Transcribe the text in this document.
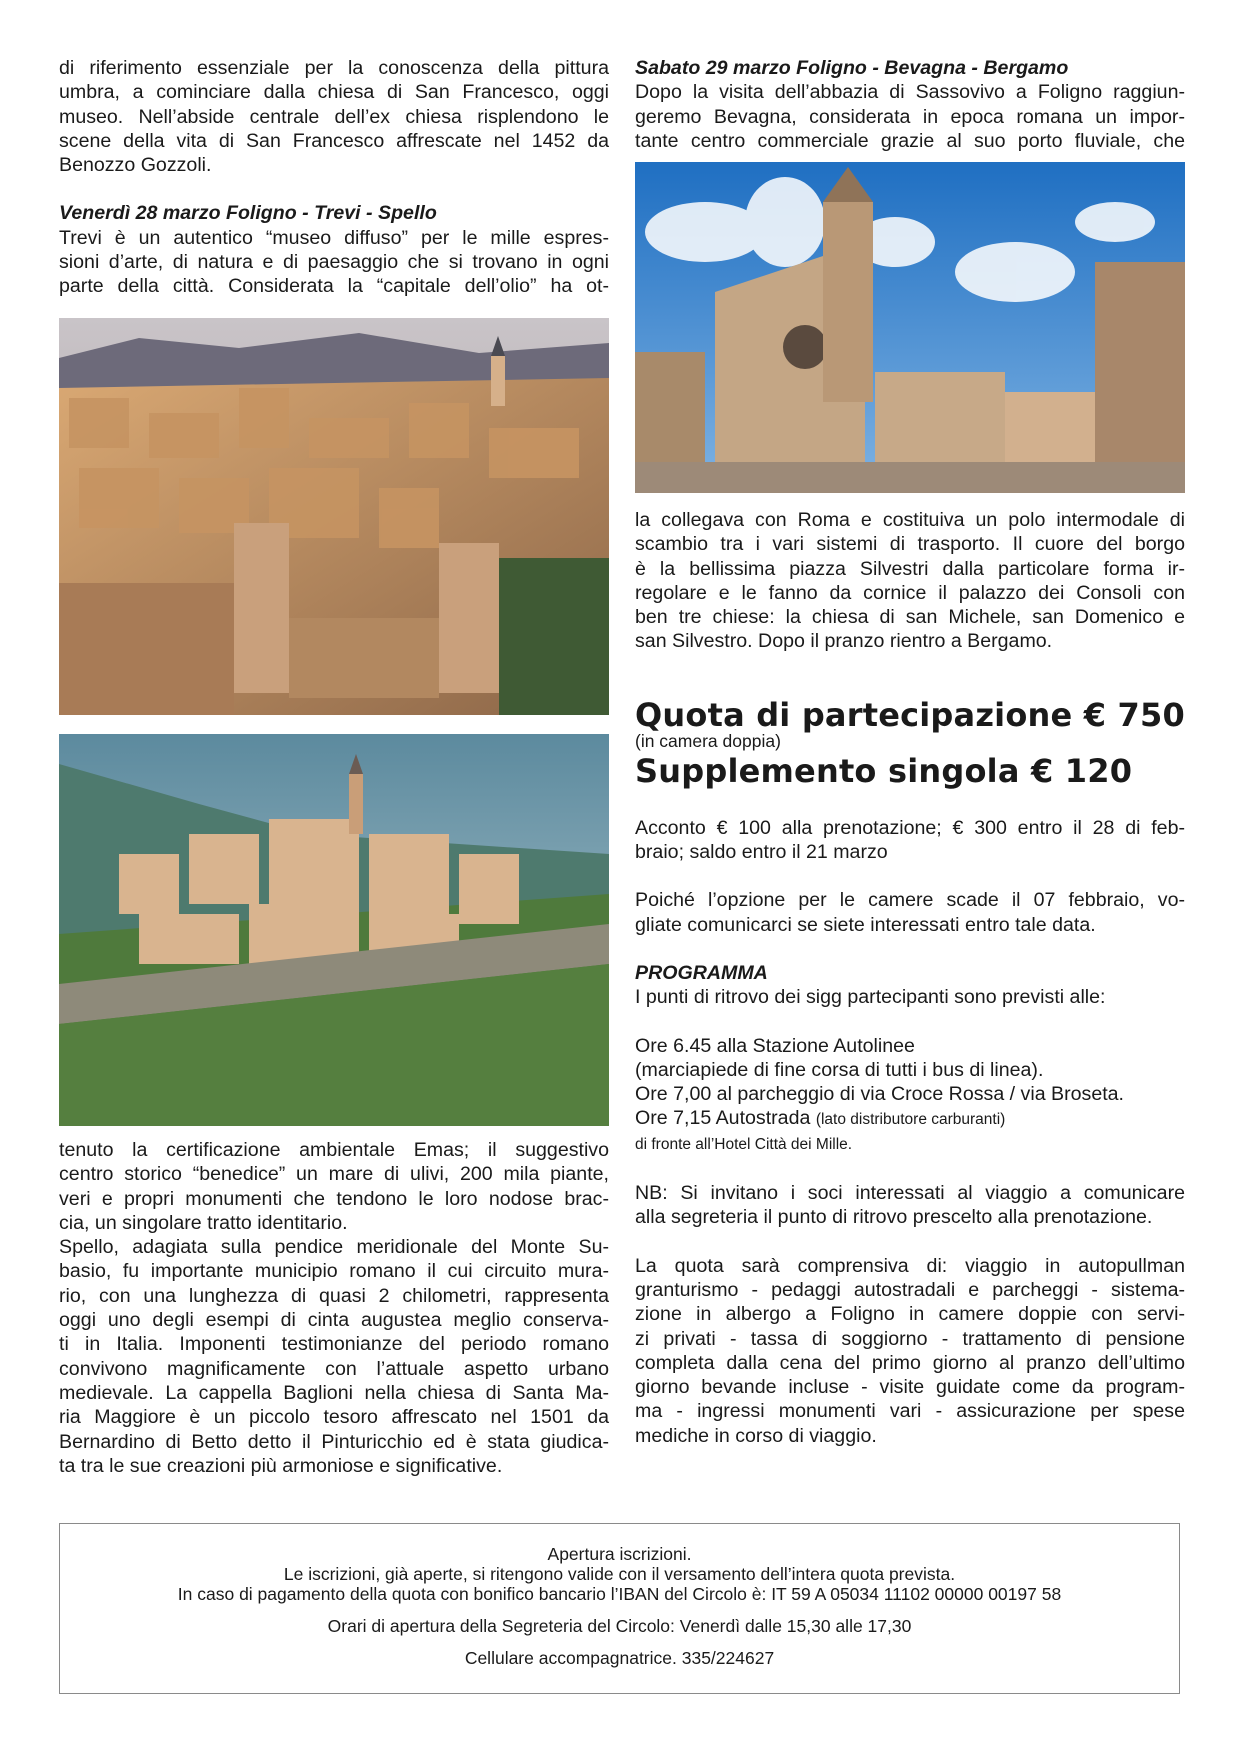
di riferimento essenziale per la conoscenza della pittura

umbra, a cominciare dalla chiesa di San Francesco, oggi

museo. Nell’abside centrale dell’ex chiesa risplendono le

scene della vita di San Francesco affrescate nel 1452 da

Benozzo Gozzoli.

Venerdì 28 marzo Foligno - Trevi - Spello

Trevi è un autentico “museo diffuso” per le mille espres-

sioni d’arte, di natura e di paesaggio che si trovano in ogni

parte della città. Considerata la “capitale dell’olio” ha ot-

tenuto la certificazione ambientale Emas; il suggestivo

centro storico “benedice” un mare di ulivi, 200 mila piante,

veri e propri monumenti che tendono le loro nodose brac-

cia, un singolare tratto identitario.

Spello, adagiata sulla pendice meridionale del Monte Su-

basio, fu importante municipio romano il cui circuito mura-

rio, con una lunghezza di quasi 2 chilometri, rappresenta

oggi uno degli esempi di cinta augustea meglio conserva-

ti in Italia. Imponenti testimonianze del periodo romano

convivono magnificamente con l’attuale aspetto urbano

medievale. La cappella Baglioni nella chiesa di Santa Ma-

ria Maggiore è un piccolo tesoro affrescato nel 1501 da

Bernardino di Betto detto il Pinturicchio ed è stata giudica-

ta tra le sue creazioni più armoniose e significative.

Sabato 29 marzo Foligno - Bevagna - Bergamo

Dopo la visita dell’abbazia di Sassovivo a Foligno raggiun-

geremo Bevagna, considerata in epoca romana un impor-

tante centro commerciale grazie al suo porto fluviale, che

la collegava con Roma e costituiva un polo intermodale di

scambio tra i vari sistemi di trasporto. Il cuore del borgo

è la bellissima piazza Silvestri dalla particolare forma ir-

regolare e le fanno da cornice il palazzo dei Consoli con

ben tre chiese: la chiesa di san Michele, san Domenico e

san Silvestro. Dopo il pranzo rientro a Bergamo.

Quota di partecipazione € 750

(in camera doppia)

Supplemento singola € 120

Acconto € 100 alla prenotazione; € 300 entro il 28 di feb-

braio; saldo entro il 21 marzo

Poiché l’opzione per le camere scade il 07 febbraio, vo-

gliate comunicarci se siete interessati entro tale data.

PROGRAMMA

I punti di ritrovo dei sigg partecipanti sono previsti alle:

Ore 6.45 alla Stazione Autolinee

(marciapiede di fine corsa di tutti i bus di linea).

Ore 7,00 al parcheggio di via Croce Rossa / via Broseta.

Ore 7,15 Autostrada (lato distributore carburanti)

di fronte all’Hotel Città dei Mille.

NB: Si invitano i soci interessati al viaggio a comunicare

alla segreteria il punto di ritrovo prescelto alla prenotazione.

La quota sarà comprensiva di: viaggio in autopullman

granturismo - pedaggi autostradali e parcheggi - sistema-

zione in albergo a Foligno in camere doppie con servi-

zi privati - tassa di soggiorno - trattamento di pensione

completa dalla cena del primo giorno al pranzo dell’ultimo

giorno bevande incluse - visite guidate come da program-

ma - ingressi monumenti vari - assicurazione per spese

mediche in corso di viaggio.

Apertura iscrizioni.

Le iscrizioni, già aperte, si ritengono valide con il versamento dell’intera quota prevista.

In caso di pagamento della quota con bonifico bancario l’IBAN del Circolo è: IT 59 A 05034 11102 00000 00197 58

Orari di apertura della Segreteria del Circolo: Venerdì dalle 15,30 alle 17,30

Cellulare accompagnatrice. 335/224627
